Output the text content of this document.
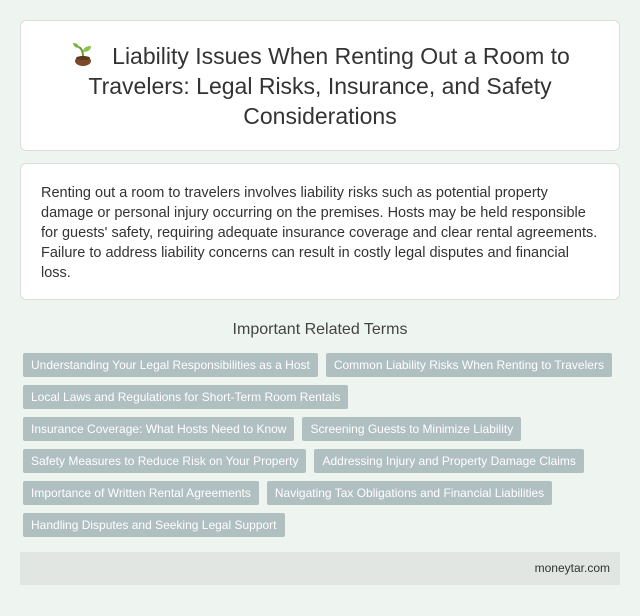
Liability Issues When Renting Out a Room to Travelers: Legal Risks, Insurance, and Safety Considerations

Renting out a room to travelers involves liability risks such as potential property damage or personal injury occurring on the premises. Hosts may be held responsible for guests' safety, requiring adequate insurance coverage and clear rental agreements. Failure to address liability concerns can result in costly legal disputes and financial loss.

Important Related Terms
Understanding Your Legal Responsibilities as a Host	Common Liability Risks When Renting to Travelers
Local Laws and Regulations for Short-Term Room Rentals
Insurance Coverage: What Hosts Need to Know	Screening Guests to Minimize Liability
Safety Measures to Reduce Risk on Your Property	Addressing Injury and Property Damage Claims
Importance of Written Rental Agreements	Navigating Tax Obligations and Financial Liabilities
Handling Disputes and Seeking Legal Support
moneytar.com
